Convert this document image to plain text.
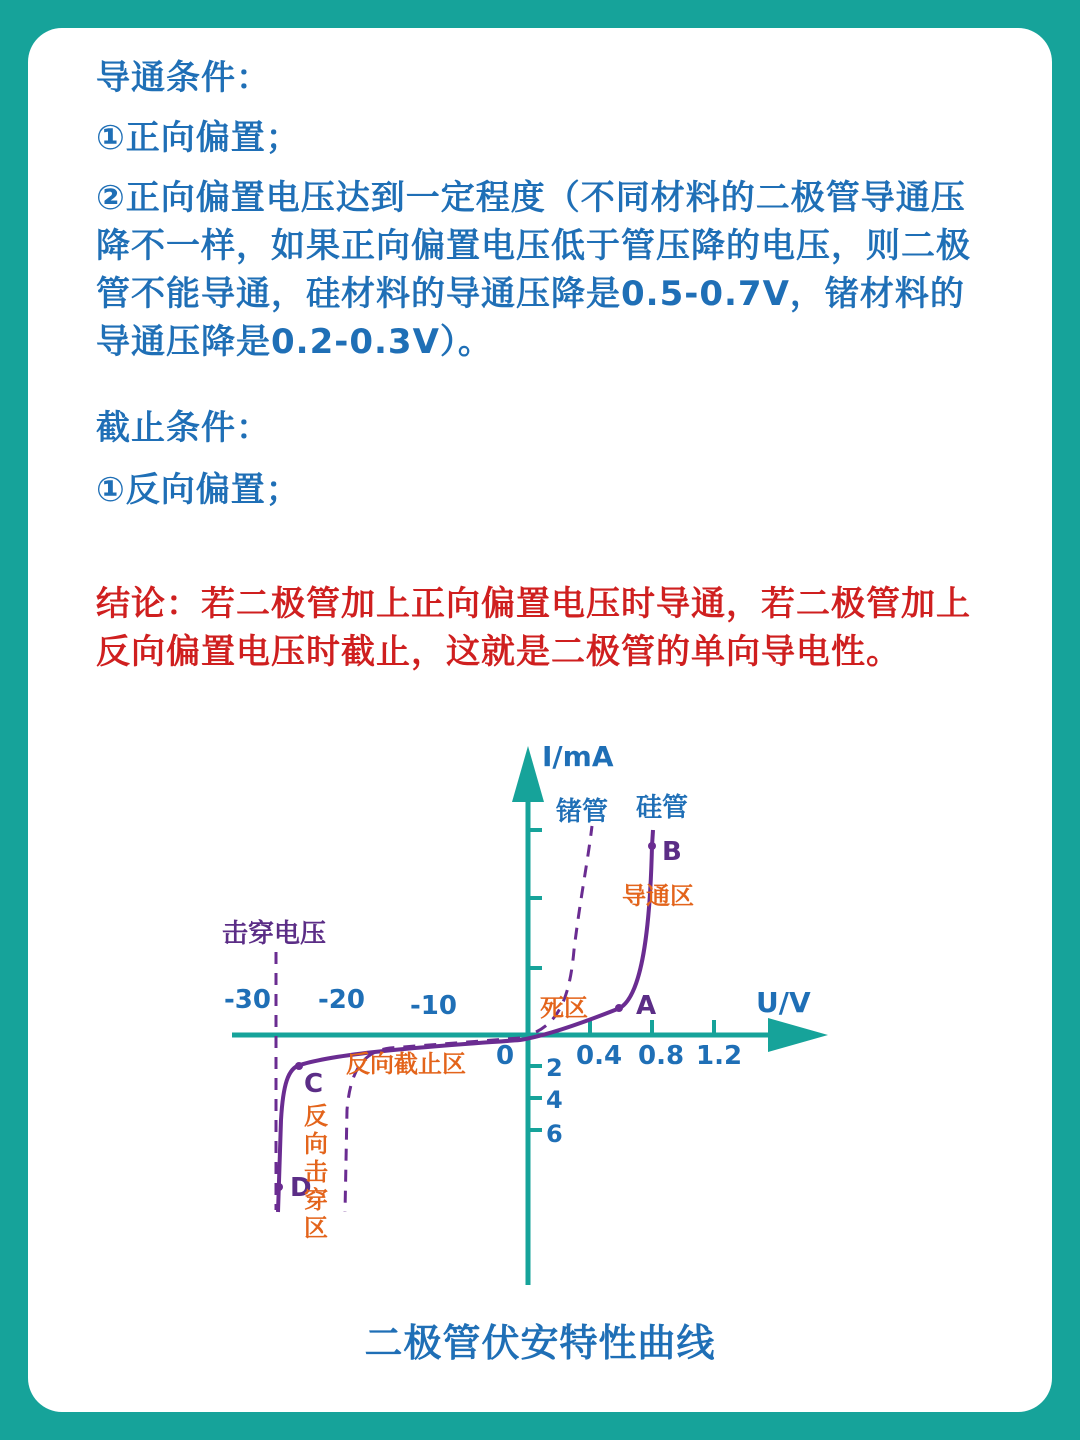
导通条件：
①正向偏置；
②正向偏置电压达到一定程度（不同材料的二极管导通压降不一样，如果正向偏置电压低于管压降的电压，则二极管不能导通，硅材料的导通压降是0.5-0.7V，锗材料的导通压降是0.2-0.3V）。
截止条件：
①反向偏置；
结论：若二极管加上正向偏置电压时导通，若二极管加上反向偏置电压时截止，这就是二极管的单向导电性。
I/mA
U/V
0
-30 -20 -10
0.4 0.8 1.2
2
4
6
锗管 硅管
击穿电压
A
B
C
D
导通区
死区
反向截止区
反
向
击
穿
区
二极管伏安特性曲线
